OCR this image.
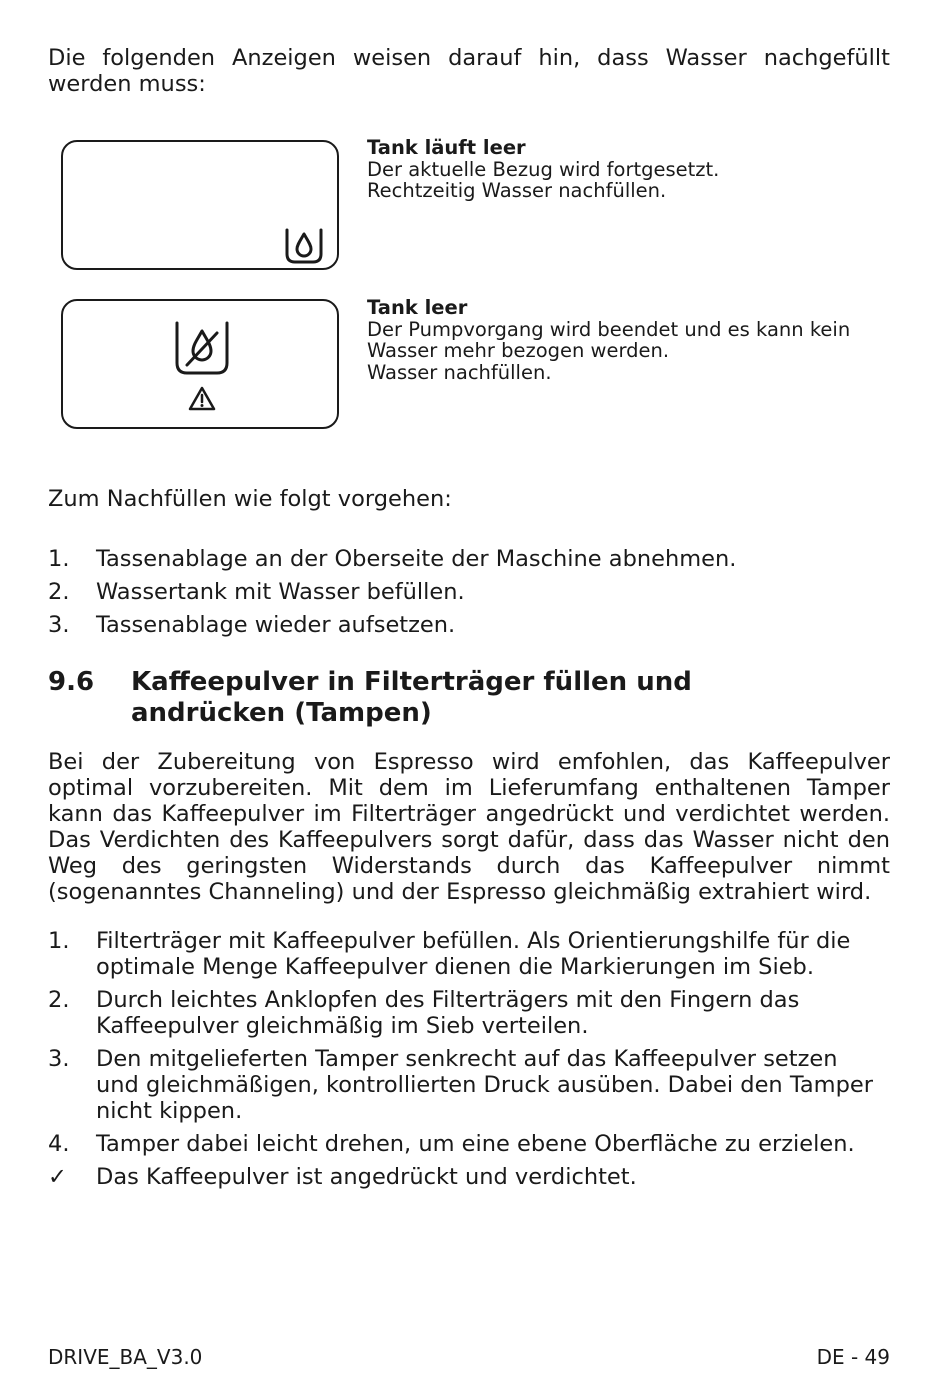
Die folgenden Anzeigen weisen darauf hin, dass Wasser nachgefüllt werden muss:
Tank läuft leer
Der aktuelle Bezug wird fortgesetzt.
Rechtzeitig Wasser nachfüllen.
Tank leer
Der Pumpvorgang wird beendet und es kann kein
Wasser mehr bezogen werden.
Wasser nachfüllen.
Zum Nachfüllen wie folgt vorgehen:
1. Tassenablage an der Oberseite der Maschine abnehmen.
2. Wassertank mit Wasser befüllen.
3. Tassenablage wieder aufsetzen.
9.6 Kaffeepulver in Filterträger füllen und andrücken (Tampen)
Bei der Zubereitung von Espresso wird emfohlen, das Kaffeepulver optimal vorzubereiten. Mit dem im Lieferumfang enthaltenen Tamper kann das Kaffeepulver im Filterträger angedrückt und verdichtet werden. Das Verdichten des Kaffeepulvers sorgt dafür, dass das Wasser nicht den Weg des geringsten Widerstands durch das Kaffeepulver nimmt (sogenanntes Channeling) und der Espresso gleichmäßig extrahiert wird.
1. Filterträger mit Kaffeepulver befüllen. Als Orientierungshilfe für die optimale Menge Kaffeepulver dienen die Markierungen im Sieb.
2. Durch leichtes Anklopfen des Filterträgers mit den Fingern das Kaffeepulver gleichmäßig im Sieb verteilen.
3. Den mitgelieferten Tamper senkrecht auf das Kaffeepulver setzen und gleichmäßigen, kontrollierten Druck ausüben. Dabei den Tamper nicht kippen.
4. Tamper dabei leicht drehen, um eine ebene Oberfläche zu erzielen.
✓ Das Kaffeepulver ist angedrückt und verdichtet.
DRIVE_BA_V3.0	DE - 49
